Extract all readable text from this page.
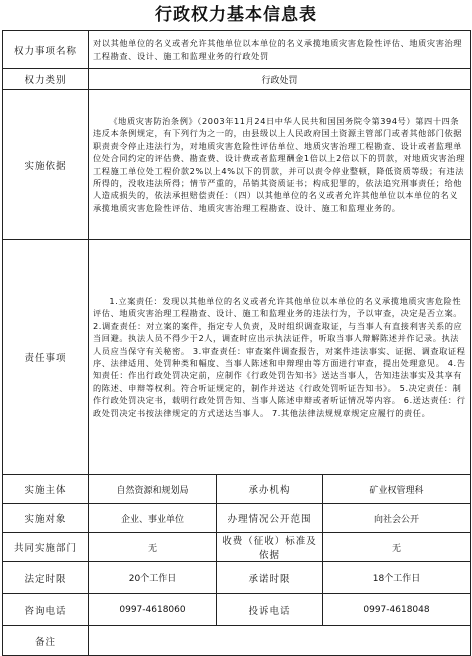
行政权力基本信息表
权力事项名称	对以其他单位的名义或者允许其他单位以本单位的名义承揽地质灾害危险性评估、地质灾害治理工程勘查、设计、施工和监理业务的行政处罚		
权力类别	行政处罚		
实施依据	《地质灾害防治条例》（2003年11月24日中华人民共和国国务院令第394号）第四十四条违反本条例规定，有下列行为之一的，由县级以上人民政府国土资源主管部门或者其他部门依据职责责令停止违法行为，对地质灾害危险性评估单位、地质灾害治理工程勘查、设计或者监理单位处合同约定的评估费、勘查费、设计费或者监理酬金1倍以上2倍以下的罚款，对地质灾害治理工程施工单位处工程价款2%以上4%以下的罚款，并可以责令停业整顿，降低资质等级；有违法所得的，没收违法所得；情节严重的，吊销其资质证书；构成犯罪的，依法追究刑事责任；给他人造成损失的，依法承担赔偿责任：（四）以其他单位的名义或者允许其他单位以本单位的名义承揽地质灾害危险性评估、地质灾害治理工程勘查、设计、施工和监理业务的。		

责任事项	1.立案责任：发现以其他单位的名义或者允许其他单位以本单位的名义承揽地质灾害危险性评估、地质灾害治理工程勘查、设计、施工和监理业务的违法行为，予以审查，决定是否立案。 2.调查责任：对立案的案件，指定专人负责，及时组织调查取证，与当事人有直接利害关系的应当回避。执法人员不得少于2人，调查时应出示执法证件，听取当事人辩解陈述并作记录。执法人员应当保守有关秘密。 3.审查责任：审查案件调查报告，对案件违法事实、证据、调查取证程序、法律适用、处罚种类和幅度、当事人陈述和申辩理由等方面进行审查，提出处理意见。 4.告知责任：作出行政处罚决定前，应制作《行政处罚告知书》送达当事人，告知违法事实及其享有的陈述、申辩等权利。符合听证规定的，制作并送达《行政处罚听证告知书》。 5.决定责任：制作行政处罚决定书，载明行政处罚告知、当事人陈述申辩或者听证情况等内容。 6.送达责任：行政处罚决定书按法律规定的方式送达当事人。 7.其他法律法规规章规定应履行的责任。		

实施主体	自然资源和规划局	承办机构	矿业权管理科
实施对象	企业、事业单位	办理情况公开范围	向社会公开
共同实施部门	无	收费（征收）标准及依据	无
法定时限	20个工作日	承诺时限	18个工作日
咨询电话	0997-4618060	投诉电话	0997-4618048
备注			
